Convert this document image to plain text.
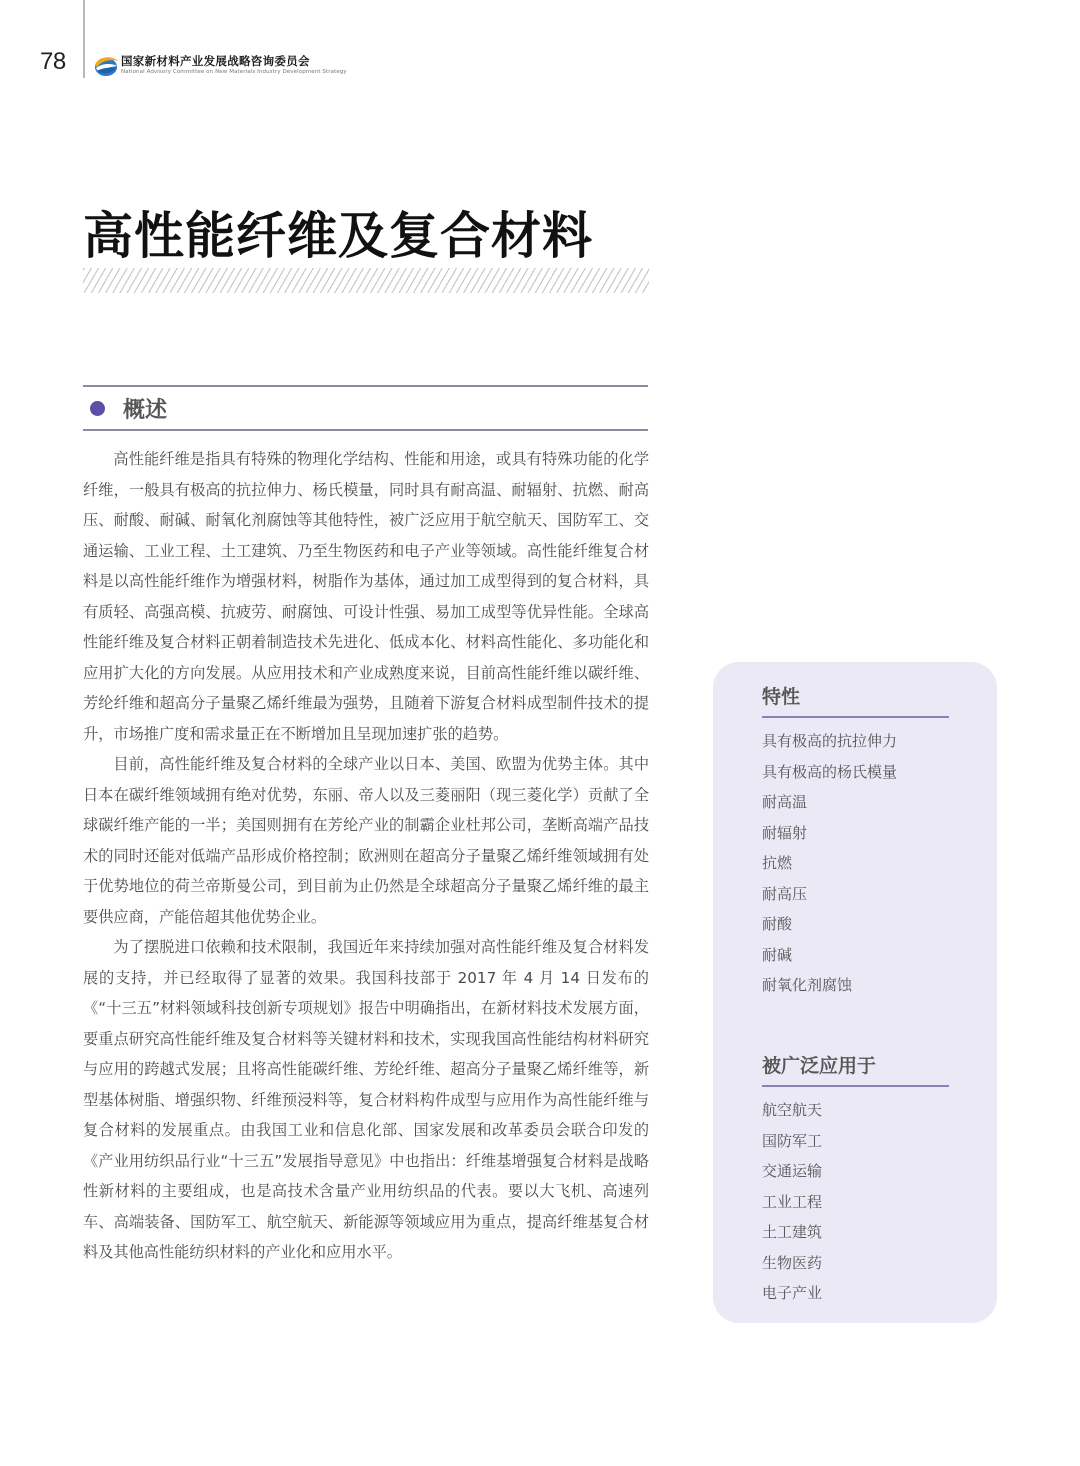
78	国家新材料产业发展战略咨询委员会
National Advisory Committee on New Materials Industry Development Strategy
高性能纤维及复合材料
概述

高性能纤维是指具有特殊的物理化学结构、性能和用途，或具有特殊功能的化学纤维，一般具有极高的抗拉伸力、杨氏模量，同时具有耐高温、耐辐射、抗燃、耐高压、耐酸、耐碱、耐氧化剂腐蚀等其他特性，被广泛应用于航空航天、国防军工、交通运输、工业工程、土工建筑、乃至生物医药和电子产业等领域。高性能纤维复合材料是以高性能纤维作为增强材料，树脂作为基体，通过加工成型得到的复合材料，具有质轻、高强高模、抗疲劳、耐腐蚀、可设计性强、易加工成型等优异性能。全球高性能纤维及复合材料正朝着制造技术先进化、低成本化、材料高性能化、多功能化和应用扩大化的方向发展。从应用技术和产业成熟度来说，目前高性能纤维以碳纤维、芳纶纤维和超高分子量聚乙烯纤维最为强势，且随着下游复合材料成型制件技术的提升，市场推广度和需求量正在不断增加且呈现加速扩张的趋势。

目前，高性能纤维及复合材料的全球产业以日本、美国、欧盟为优势主体。其中日本在碳纤维领域拥有绝对优势，东丽、帝人以及三菱丽阳（现三菱化学）贡献了全球碳纤维产能的一半；美国则拥有在芳纶产业的制霸企业杜邦公司，垄断高端产品技术的同时还能对低端产品形成价格控制；欧洲则在超高分子量聚乙烯纤维领域拥有处于优势地位的荷兰帝斯曼公司，到目前为止仍然是全球超高分子量聚乙烯纤维的最主要供应商，产能倍超其他优势企业。

为了摆脱进口依赖和技术限制，我国近年来持续加强对高性能纤维及复合材料发展的支持，并已经取得了显著的效果。我国科技部于 2017 年 4 月 14 日发布的《“十三五”材料领域科技创新专项规划》报告中明确指出，在新材料技术发展方面，要重点研究高性能纤维及复合材料等关键材料和技术，实现我国高性能结构材料研究与应用的跨越式发展；且将高性能碳纤维、芳纶纤维、超高分子量聚乙烯纤维等，新型基体树脂、增强织物、纤维预浸料等，复合材料构件成型与应用作为高性能纤维与复合材料的发展重点。由我国工业和信息化部、国家发展和改革委员会联合印发的《产业用纺织品行业“十三五”发展指导意见》中也指出：纤维基增强复合材料是战略性新材料的主要组成，也是高技术含量产业用纺织品的代表。要以大飞机、高速列车、高端装备、国防军工、航空航天、新能源等领域应用为重点，提高纤维基复合材料及其他高性能纺织材料的产业化和应用水平。

特性
具有极高的抗拉伸力
具有极高的杨氏模量
耐高温
耐辐射
抗燃
耐高压
耐酸
耐碱
耐氧化剂腐蚀
被广泛应用于
航空航天
国防军工
交通运输
工业工程
土工建筑
生物医药
电子产业
